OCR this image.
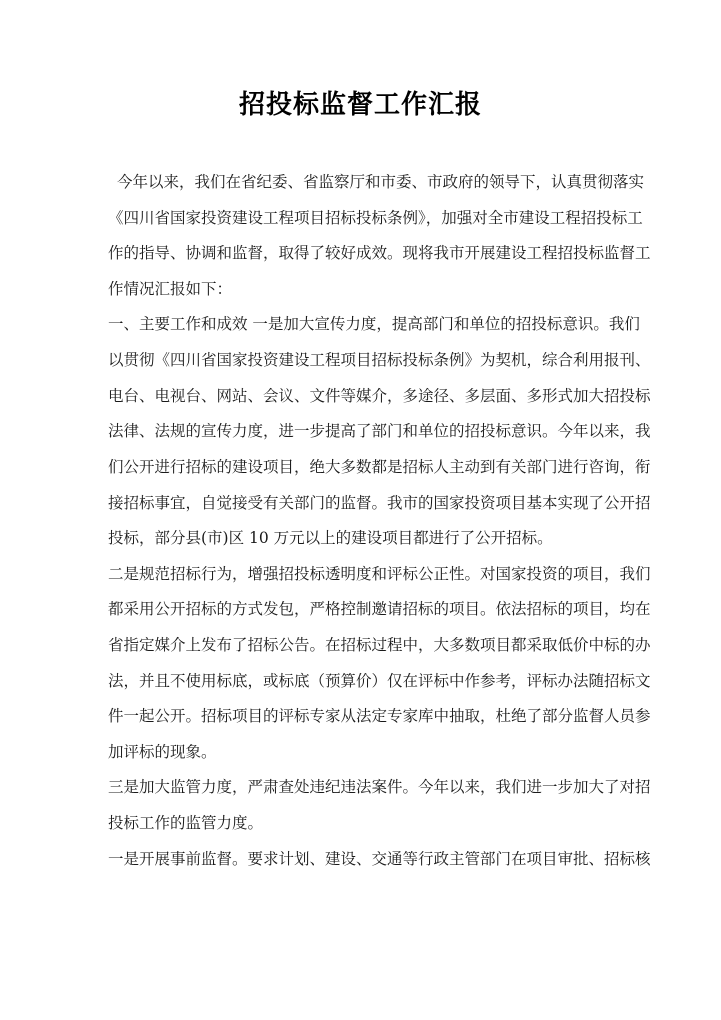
招投标监督工作汇报
今年以来，我们在省纪委、省监察厅和市委、市政府的领导下，认真贯彻落实
《四川省国家投资建设工程项目招标投标条例》，加强对全市建设工程招投标工
作的指导、协调和监督，取得了较好成效。现将我市开展建设工程招投标监督工
作情况汇报如下：
一、主要工作和成效 一是加大宣传力度，提高部门和单位的招投标意识。我们
以贯彻《四川省国家投资建设工程项目招标投标条例》为契机，综合利用报刊、
电台、电视台、网站、会议、文件等媒介，多途径、多层面、多形式加大招投标
法律、法规的宣传力度，进一步提高了部门和单位的招投标意识。今年以来，我
们公开进行招标的建设项目，绝大多数都是招标人主动到有关部门进行咨询，衔
接招标事宜，自觉接受有关部门的监督。我市的国家投资项目基本实现了公开招
投标，部分县(市)区 10 万元以上的建设项目都进行了公开招标。
二是规范招标行为，增强招投标透明度和评标公正性。对国家投资的项目，我们
都采用公开招标的方式发包，严格控制邀请招标的项目。依法招标的项目，均在
省指定媒介上发布了招标公告。在招标过程中，大多数项目都采取低价中标的办
法，并且不使用标底，或标底（预算价）仅在评标中作参考，评标办法随招标文
件一起公开。招标项目的评标专家从法定专家库中抽取，杜绝了部分监督人员参
加评标的现象。
三是加大监管力度，严肃查处违纪违法案件。今年以来，我们进一步加大了对招
投标工作的监管力度。
一是开展事前监督。要求计划、建设、交通等行政主管部门在项目审批、招标核
